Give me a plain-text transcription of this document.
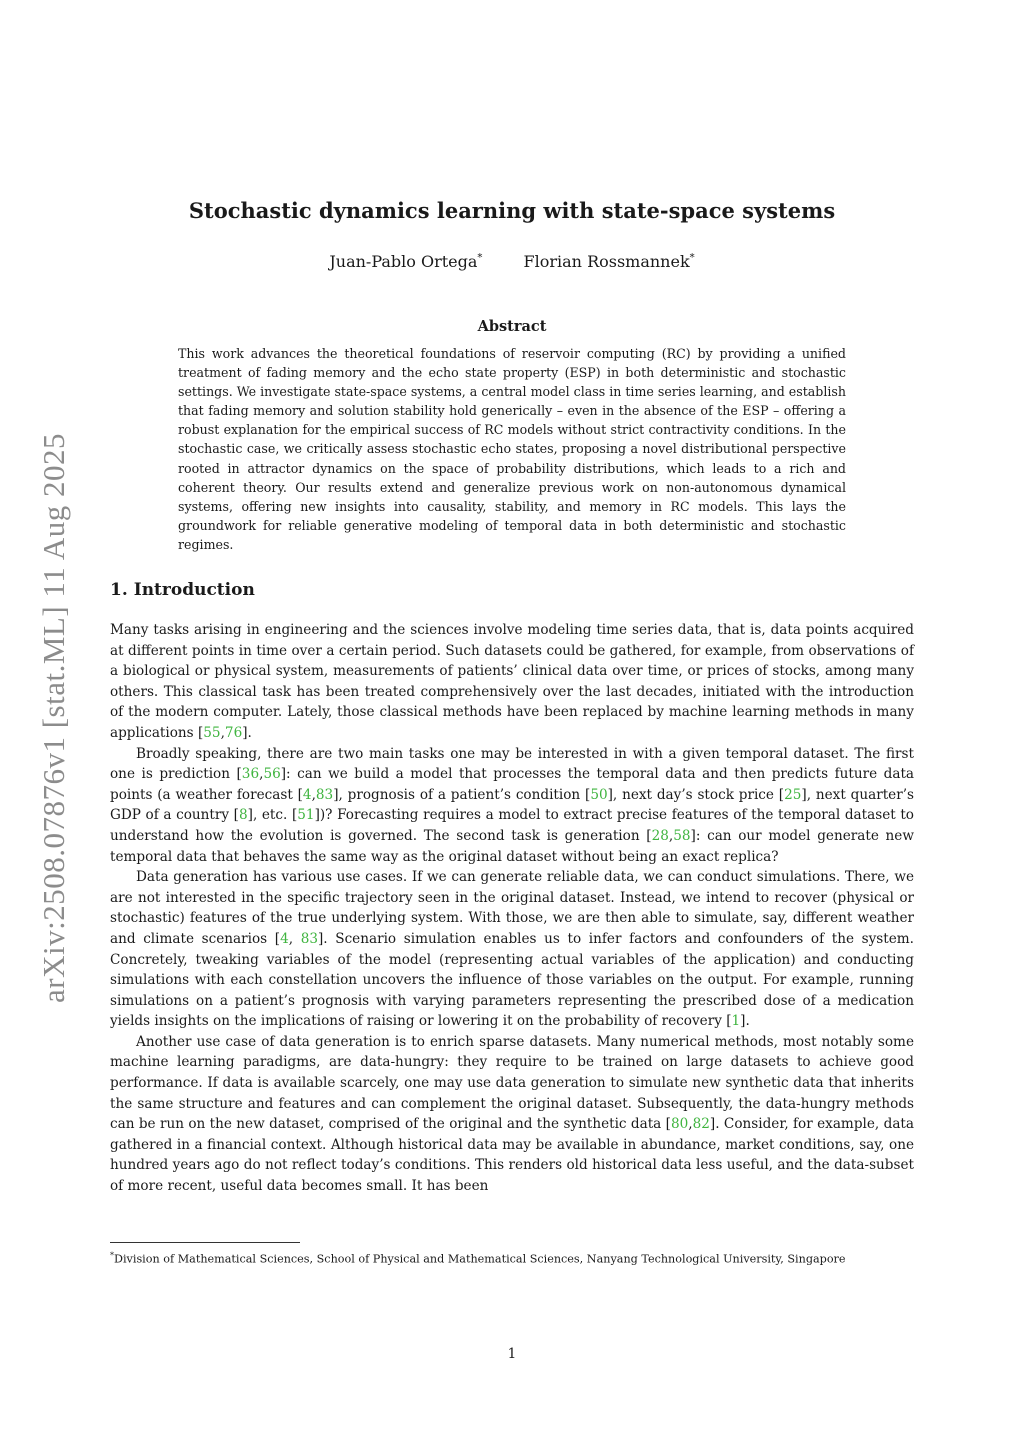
arXiv:2508.07876v1 [stat.ML] 11 Aug 2025
Stochastic dynamics learning with state-space systems
Juan-Pablo Ortega*	Florian Rossmannek*
Abstract

This work advances the theoretical foundations of reservoir computing (RC) by providing a unified treatment of fading memory and the echo state property (ESP) in both deterministic and stochastic settings. We investigate state-space systems, a central model class in time series learning, and establish that fading memory and solution stability hold generically – even in the absence of the ESP – offering a robust explanation for the empirical success of RC models without strict contractivity conditions. In the stochastic case, we critically assess stochastic echo states, proposing a novel distributional perspective rooted in attractor dynamics on the space of probability distributions, which leads to a rich and coherent theory. Our results extend and generalize previous work on non-autonomous dynamical systems, offering new insights into causality, stability, and memory in RC models. This lays the groundwork for reliable generative modeling of temporal data in both deterministic and stochastic regimes.

1. Introduction

Many tasks arising in engineering and the sciences involve modeling time series data, that is, data points acquired at different points in time over a certain period. Such datasets could be gathered, for example, from observations of a biological or physical system, measurements of patients’ clinical data over time, or prices of stocks, among many others. This classical task has been treated comprehensively over the last decades, initiated with the introduction of the modern computer. Lately, those classical methods have been replaced by machine learning methods in many applications [55,76].

Broadly speaking, there are two main tasks one may be interested in with a given temporal dataset. The first one is prediction [36,56]: can we build a model that processes the temporal data and then predicts future data points (a weather forecast [4,83], prognosis of a patient’s condition [50], next day’s stock price [25], next quarter’s GDP of a country [8], etc. [51])? Forecasting requires a model to extract precise features of the temporal dataset to understand how the evolution is governed. The second task is generation [28,58]: can our model generate new temporal data that behaves the same way as the original dataset without being an exact replica?

Data generation has various use cases. If we can generate reliable data, we can conduct simulations. There, we are not interested in the specific trajectory seen in the original dataset. Instead, we intend to recover (physical or stochastic) features of the true underlying system. With those, we are then able to simulate, say, different weather and climate scenarios [4, 83]. Scenario simulation enables us to infer factors and confounders of the system. Concretely, tweaking variables of the model (representing actual variables of the application) and conducting simulations with each constellation uncovers the influence of those variables on the output. For example, running simulations on a patient’s prognosis with varying parameters representing the prescribed dose of a medication yields insights on the implications of raising or lowering it on the probability of recovery [1].

Another use case of data generation is to enrich sparse datasets. Many numerical methods, most notably some machine learning paradigms, are data-hungry: they require to be trained on large datasets to achieve good performance. If data is available scarcely, one may use data generation to simulate new synthetic data that inherits the same structure and features and can complement the original dataset. Subsequently, the data-hungry methods can be run on the new dataset, comprised of the original and the synthetic data [80,82]. Consider, for example, data gathered in a financial context. Although historical data may be available in abundance, market conditions, say, one hundred years ago do not reflect today’s conditions. This renders old historical data less useful, and the data-subset of more recent, useful data becomes small. It has been

*Division of Mathematical Sciences, School of Physical and Mathematical Sciences, Nanyang Technological University, Singapore

1
